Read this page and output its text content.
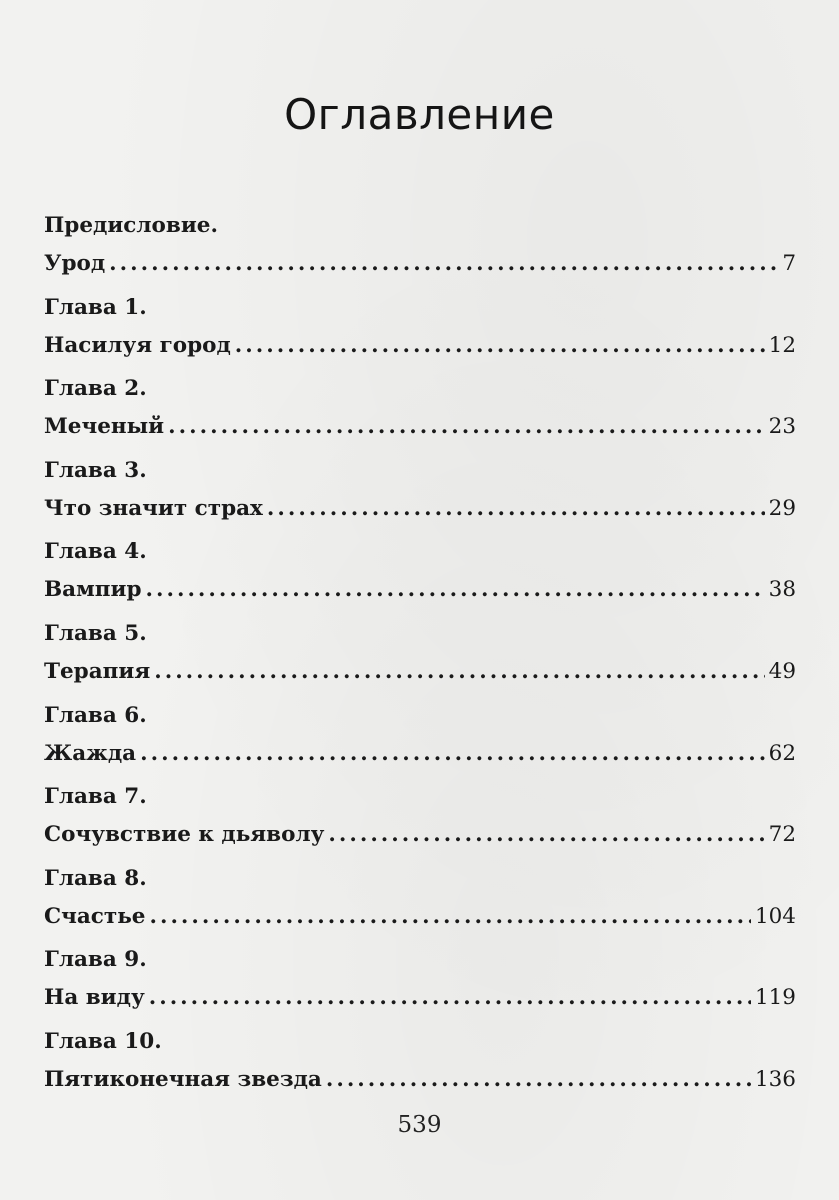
Оглавление
Предисловие.
Урод .....	7
Глава 1.
Насилуя город .....	12
Глава 2.
Меченый .....	23
Глава 3.
Что значит страх .....	29
Глава 4.
Вампир .....	38
Глава 5.
Терапия .....	49
Глава 6.
Жажда .....	62
Глава 7.
Сочувствие к дьяволу .....	72
Глава 8.
Счастье .....	104
Глава 9.
На виду .....	119
Глава 10.
Пятиконечная звезда .....	136
539
